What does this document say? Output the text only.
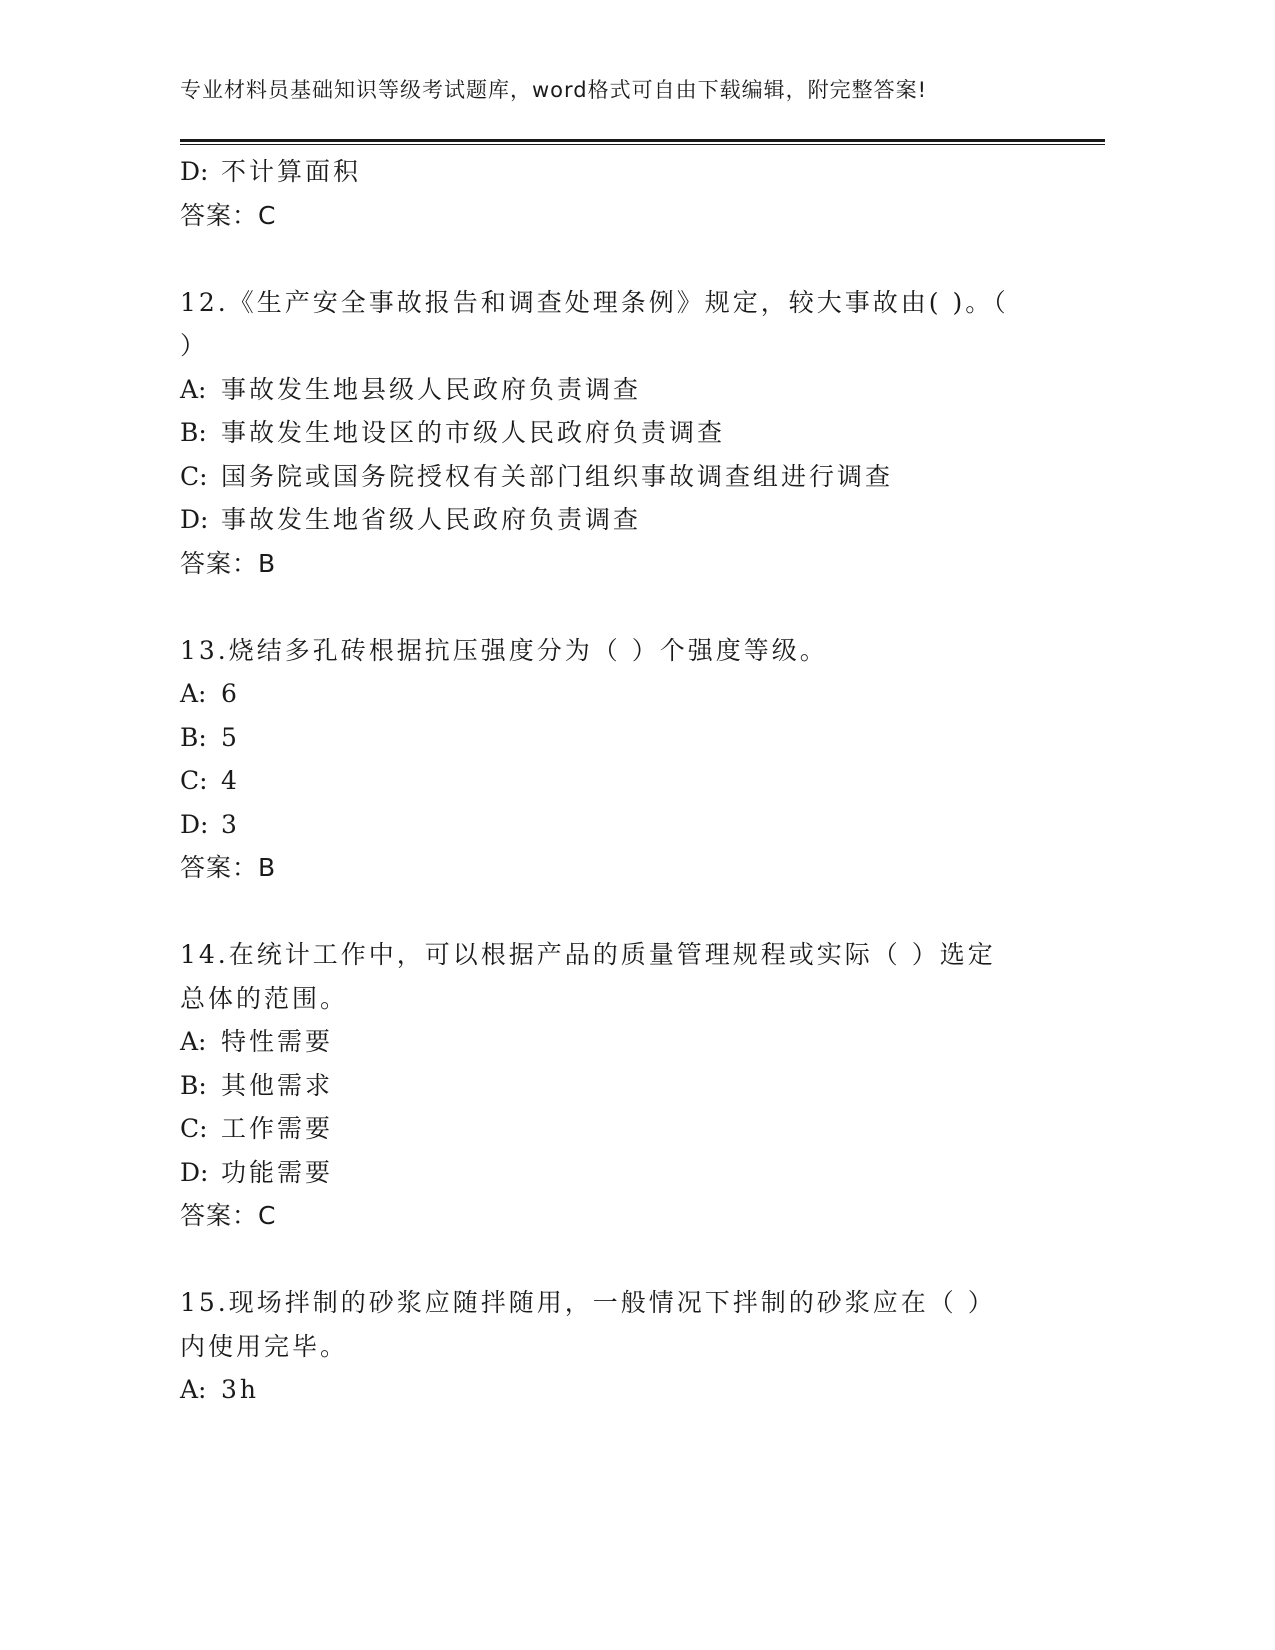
专业材料员基础知识等级考试题库，word格式可自由下载编辑，附完整答案!
D: 不计算面积
答案：C
12.《生产安全事故报告和调查处理条例》规定，较大事故由( )。（ ）
A: 事故发生地县级人民政府负责调查
B: 事故发生地设区的市级人民政府负责调查
C: 国务院或国务院授权有关部门组织事故调查组进行调查
D: 事故发生地省级人民政府负责调查
答案：B
13.烧结多孔砖根据抗压强度分为（ ）个强度等级。
A: 6
B: 5
C: 4
D: 3
答案：B
14.在统计工作中，可以根据产品的质量管理规程或实际（ ）选定总体的范围。
A: 特性需要
B: 其他需求
C: 工作需要
D: 功能需要
答案：C
15.现场拌制的砂浆应随拌随用，一般情况下拌制的砂浆应在（ ）内使用完毕。
A: 3h
